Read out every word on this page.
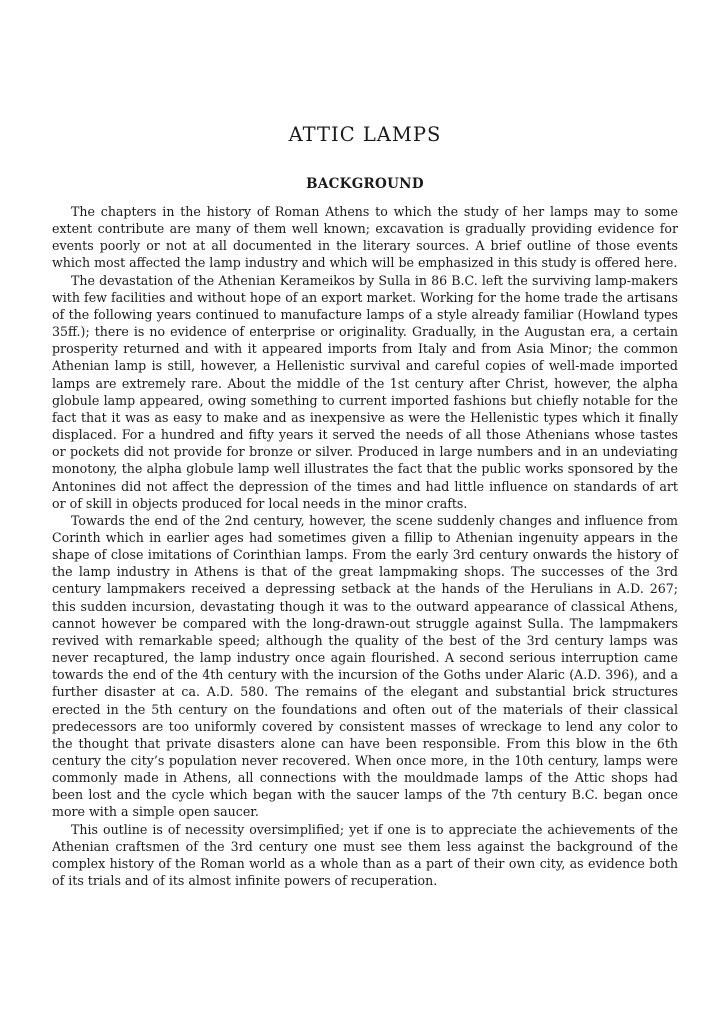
ATTIC LAMPS
BACKGROUND

The chapters in the history of Roman Athens to which the study of her lamps may to some extent contribute are many of them well known; excavation is gradually providing evidence for events poorly or not at all documented in the literary sources. A brief outline of those events which most affected the lamp industry and which will be emphasized in this study is offered here.

The devastation of the Athenian Kerameikos by Sulla in 86 B.C. left the surviving lamp-makers with few facilities and without hope of an export market. Working for the home trade the artisans of the following years continued to manufacture lamps of a style already familiar (Howland types 35ff.); there is no evidence of enterprise or originality. Gradually, in the Augustan era, a certain prosperity returned and with it appeared imports from Italy and from Asia Minor; the common Athenian lamp is still, however, a Hellenistic survival and careful copies of well-made imported lamps are extremely rare. About the middle of the 1st century after Christ, however, the alpha globule lamp appeared, owing something to current imported fashions but chiefly notable for the fact that it was as easy to make and as inexpensive as were the Hellenistic types which it finally displaced. For a hundred and fifty years it served the needs of all those Athenians whose tastes or pockets did not provide for bronze or silver. Produced in large numbers and in an undeviating monotony, the alpha globule lamp well illustrates the fact that the public works sponsored by the Antonines did not affect the depression of the times and had little influence on standards of art or of skill in objects produced for local needs in the minor crafts.

Towards the end of the 2nd century, however, the scene suddenly changes and influence from Corinth which in earlier ages had sometimes given a fillip to Athenian ingenuity appears in the shape of close imitations of Corinthian lamps. From the early 3rd century onwards the history of the lamp industry in Athens is that of the great lampmaking shops. The successes of the 3rd century lampmakers received a depressing setback at the hands of the Herulians in A.D. 267; this sudden incursion, devastating though it was to the outward appearance of classical Athens, cannot however be compared with the long-drawn-out struggle against Sulla. The lampmakers revived with remarkable speed; although the quality of the best of the 3rd century lamps was never recaptured, the lamp industry once again flourished. A second serious interruption came towards the end of the 4th century with the incursion of the Goths under Alaric (A.D. 396), and a further disaster at ca. A.D. 580. The remains of the elegant and substantial brick structures erected in the 5th century on the foundations and often out of the materials of their classical predecessors are too uniformly covered by consistent masses of wreckage to lend any color to the thought that private disasters alone can have been responsible. From this blow in the 6th century the city’s population never recovered. When once more, in the 10th century, lamps were commonly made in Athens, all connections with the mouldmade lamps of the Attic shops had been lost and the cycle which began with the saucer lamps of the 7th century B.C. began once more with a simple open saucer.

This outline is of necessity oversimplified; yet if one is to appreciate the achievements of the Athenian craftsmen of the 3rd century one must see them less against the background of the complex history of the Roman world as a whole than as a part of their own city, as evidence both of its trials and of its almost infinite powers of recuperation.
